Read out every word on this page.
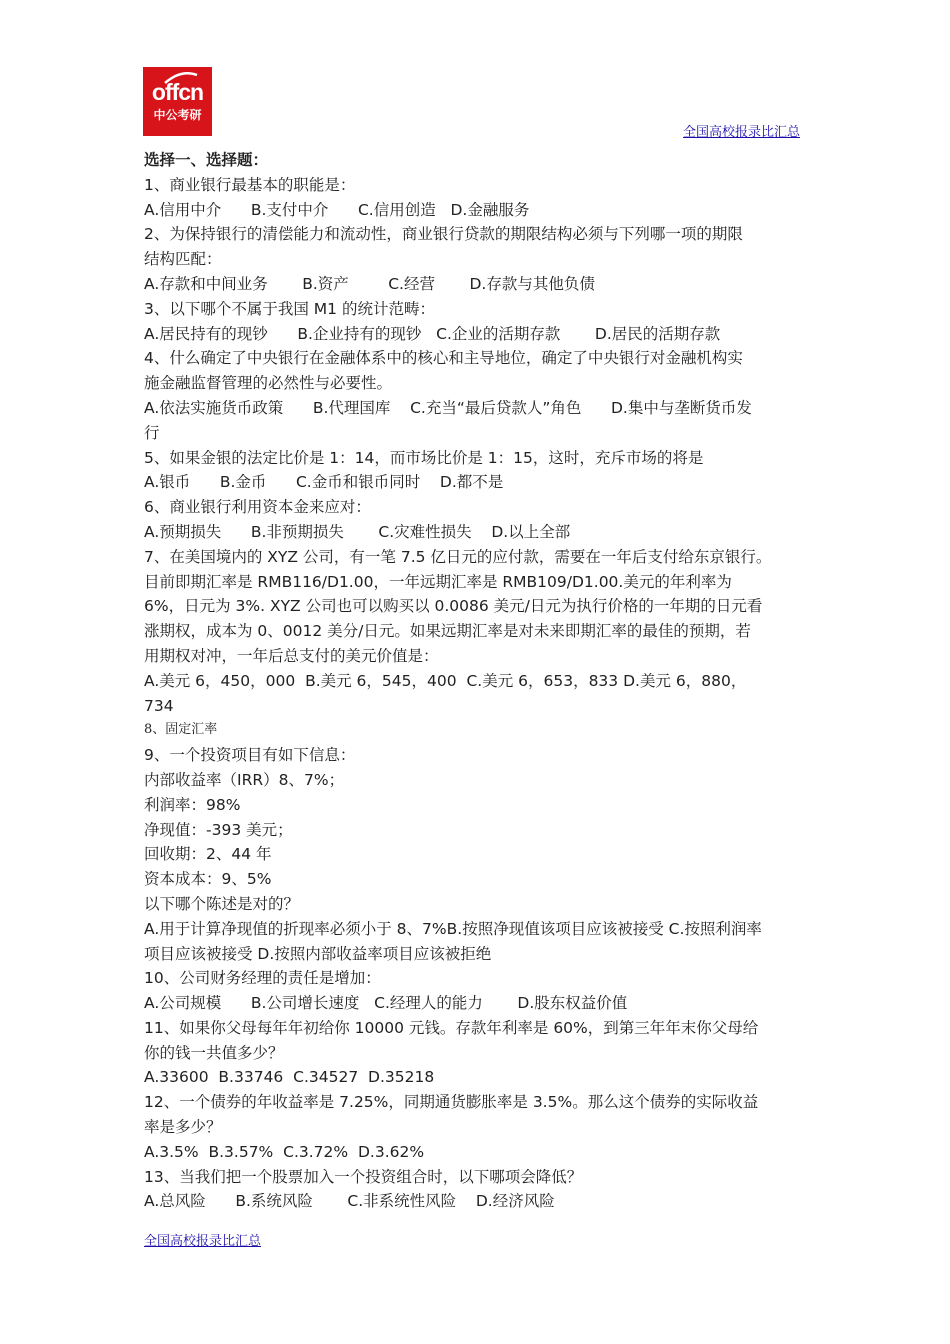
offcn
中公考研
全国高校报录比汇总
选择一、选择题：
1、商业银行最基本的职能是：
A.信用中介      B.支付中介      C.信用创造   D.金融服务
2、为保持银行的清偿能力和流动性，商业银行贷款的期限结构必须与下列哪一项的期限
结构匹配：
A.存款和中间业务       B.资产        C.经营       D.存款与其他负债
3、以下哪个不属于我国 M1 的统计范畴：
A.居民持有的现钞      B.企业持有的现钞   C.企业的活期存款       D.居民的活期存款
4、什么确定了中央银行在金融体系中的核心和主导地位，确定了中央银行对金融机构实
施金融监督管理的必然性与必要性。
A.依法实施货币政策      B.代理国库    C.充当“最后贷款人”角色      D.集中与垄断货币发
行
5、如果金银的法定比价是 1：14，而市场比价是 1：15，这时，充斥市场的将是
A.银币      B.金币      C.金币和银币同时    D.都不是
6、商业银行利用资本金来应对：
A.预期损失      B.非预期损失       C.灾难性损失    D.以上全部
7、在美国境内的 XYZ 公司，有一笔 7.5 亿日元的应付款，需要在一年后支付给东京银行。
目前即期汇率是 RMB116/D1.00，一年远期汇率是 RMB109/D1.00.美元的年利率为
6%，日元为 3%. XYZ 公司也可以购买以 0.0086 美元/日元为执行价格的一年期的日元看
涨期权，成本为 0、0012 美分/日元。如果远期汇率是对未来即期汇率的最佳的预期，若
用期权对冲，一年后总支付的美元价值是：
A.美元 6，450，000  B.美元 6，545，400  C.美元 6，653，833 D.美元 6，880，
734
8、固定汇率
9、一个投资项目有如下信息：
内部收益率（IRR）8、7%；
利润率：98%
净现值：-393 美元；
回收期：2、44 年
资本成本：9、5%
以下哪个陈述是对的？
A.用于计算净现值的折现率必须小于 8、7%B.按照净现值该项目应该被接受 C.按照利润率
项目应该被接受 D.按照内部收益率项目应该被拒绝
10、公司财务经理的责任是增加：
A.公司规模      B.公司增长速度   C.经理人的能力       D.股东权益价值
11、如果你父母每年年初给你 10000 元钱。存款年利率是 60%，到第三年年末你父母给
你的钱一共值多少？
A.33600  B.33746  C.34527  D.35218
12、一个债券的年收益率是 7.25%，同期通货膨胀率是 3.5%。那么这个债券的实际收益
率是多少？
A.3.5%  B.3.57%  C.3.72%  D.3.62%
13、当我们把一个股票加入一个投资组合时，以下哪项会降低？
A.总风险      B.系统风险       C.非系统性风险    D.经济风险
全国高校报录比汇总
